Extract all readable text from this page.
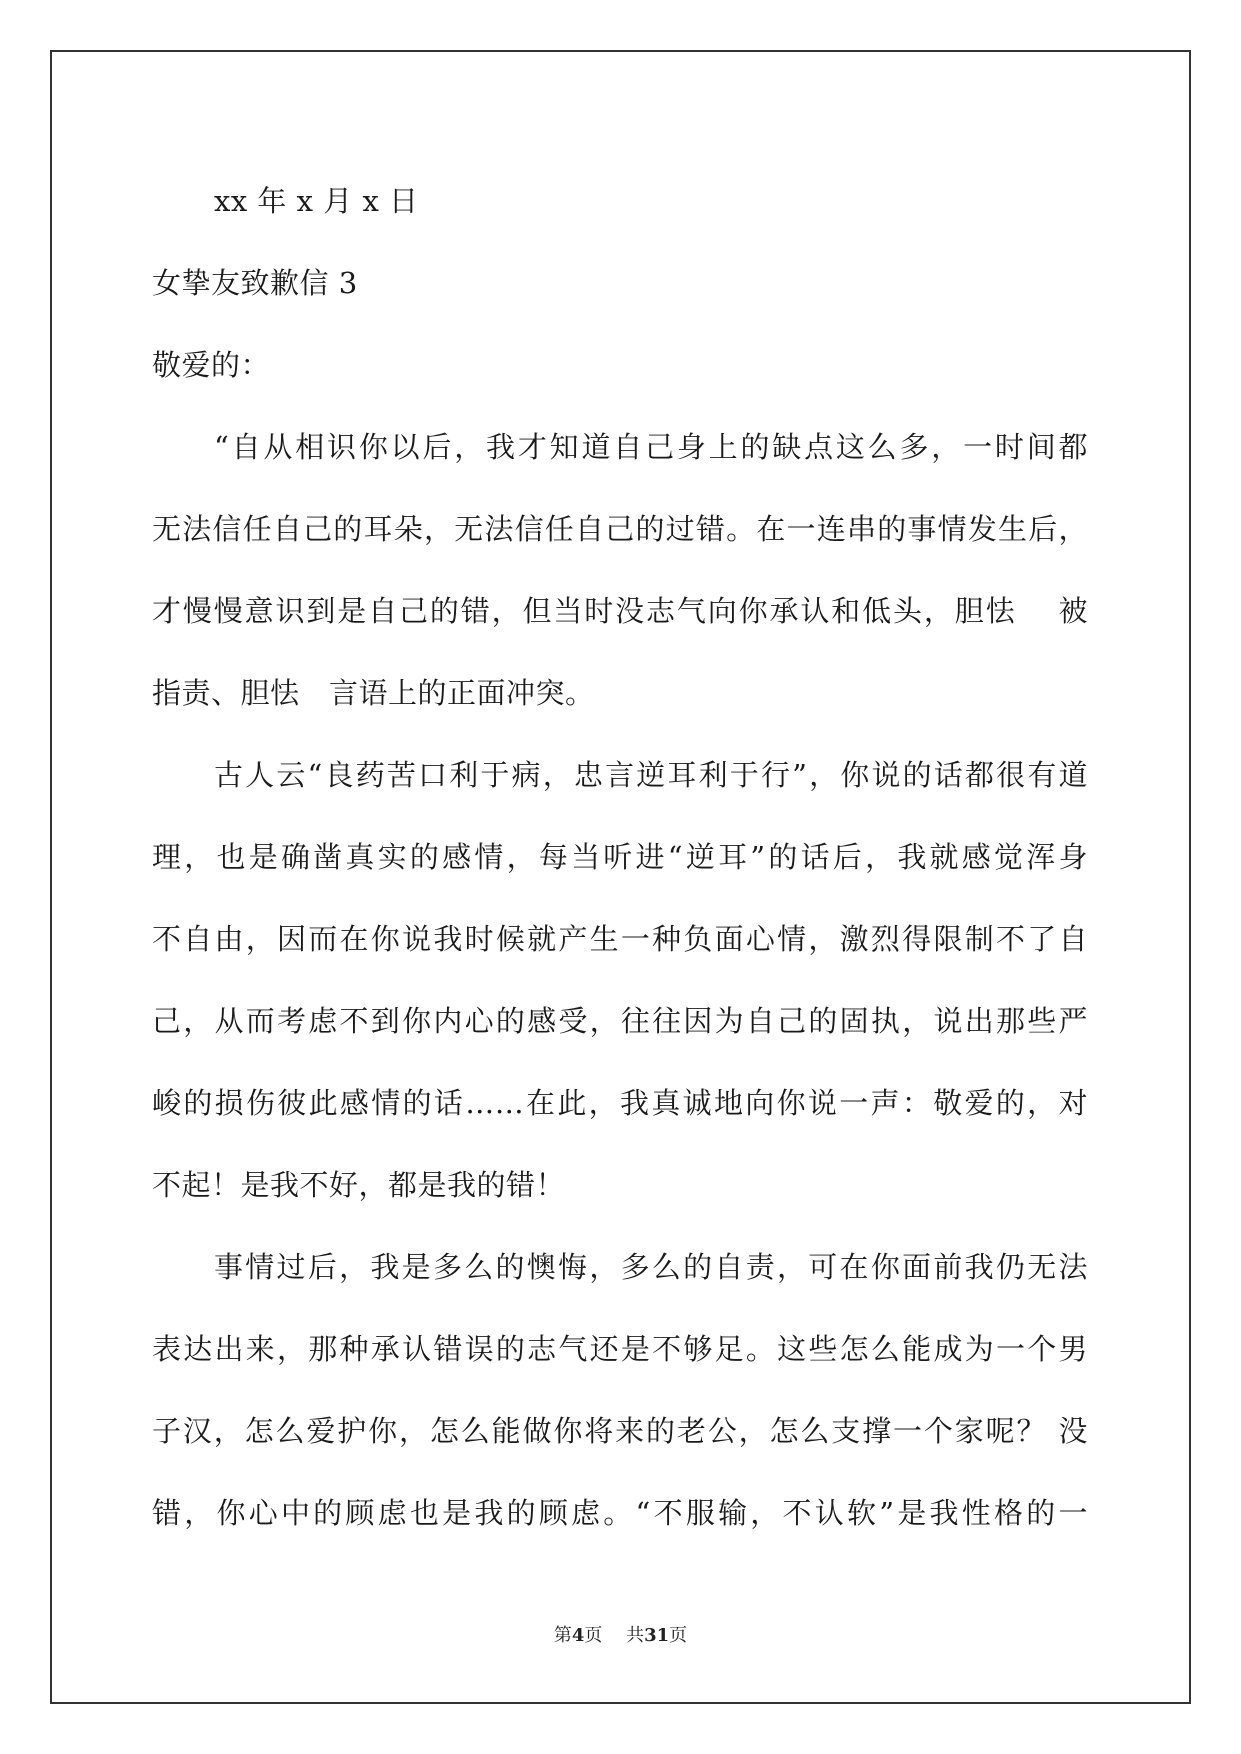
xx 年 x 月 x 日
女挚友致歉信 3
敬爱的：
“自从相识你以后，我才知道自己身上的缺点这么多，一时间都
无法信任自己的耳朵，无法信任自己的过错。在一连串的事情发生后，
才慢慢意识到是自己的错，但当时没志气向你承认和低头，胆怯　 被
指责、胆怯　言语上的正面冲突。
古人云“良药苦口利于病，忠言逆耳利于行”，你说的话都很有道
理，也是确凿真实的感情，每当听进“逆耳”的话后，我就感觉浑身
不自由，因而在你说我时候就产生一种负面心情，激烈得限制不了自
己，从而考虑不到你内心的感受，往往因为自己的固执，说出那些严
峻的损伤彼此感情的话……在此，我真诚地向你说一声：敬爱的，对
不起！是我不好，都是我的错！
事情过后，我是多么的懊悔，多么的自责，可在你面前我仍无法
表达出来，那种承认错误的志气还是不够足。这些怎么能成为一个男
子汉，怎么爱护你，怎么能做你将来的老公，怎么支撑一个家呢？ 没
错，你心中的顾虑也是我的顾虑。“不服输，不认软”是我性格的一
第4页　 共31页
